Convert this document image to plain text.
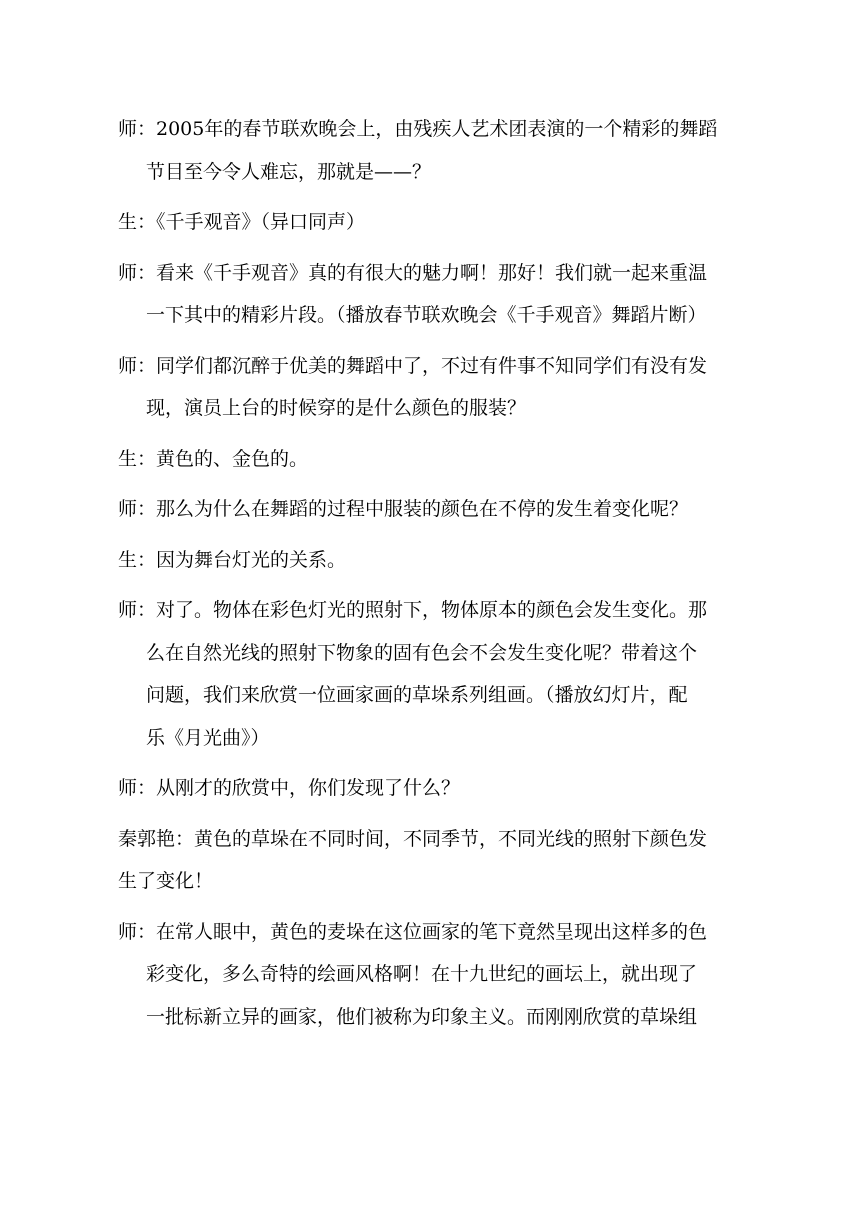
师：2005年的春节联欢晚会上，由残疾人艺术团表演的一个精彩的舞蹈
节目至今令人难忘，那就是——？
生：《千手观音》（异口同声）
师：看来《千手观音》真的有很大的魅力啊！那好！我们就一起来重温
一下其中的精彩片段。（播放春节联欢晚会《千手观音》舞蹈片断）
师：同学们都沉醉于优美的舞蹈中了，不过有件事不知同学们有没有发
现，演员上台的时候穿的是什么颜色的服装？
生：黄色的、金色的。
师：那么为什么在舞蹈的过程中服装的颜色在不停的发生着变化呢？
生：因为舞台灯光的关系。
师：对了。物体在彩色灯光的照射下，物体原本的颜色会发生变化。那
么在自然光线的照射下物象的固有色会不会发生变化呢？带着这个
问题，我们来欣赏一位画家画的草垛系列组画。（播放幻灯片，配
乐《月光曲》）
师：从刚才的欣赏中，你们发现了什么？
秦郭艳：黄色的草垛在不同时间，不同季节，不同光线的照射下颜色发
生了变化！
师：在常人眼中，黄色的麦垛在这位画家的笔下竟然呈现出这样多的色
彩变化，多么奇特的绘画风格啊！在十九世纪的画坛上，就出现了
一批标新立异的画家，他们被称为印象主义。而刚刚欣赏的草垛组
